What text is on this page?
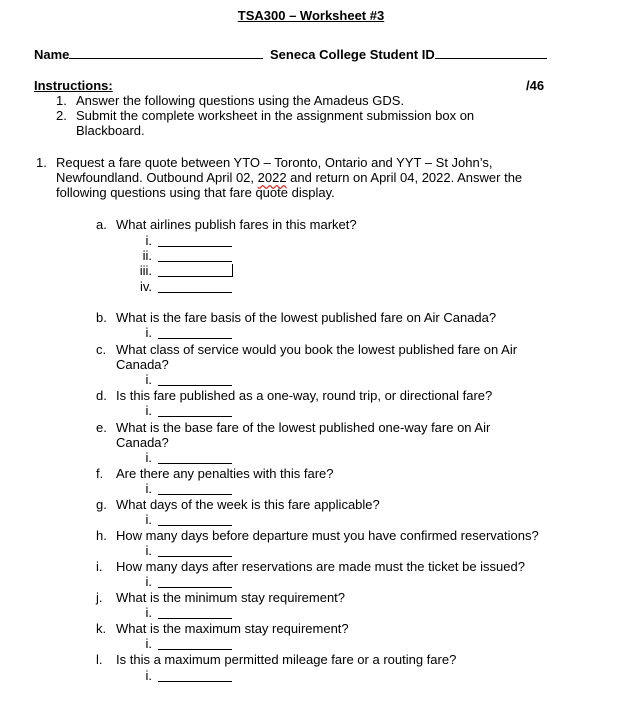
TSA300 – Worksheet #3
Name	Seneca College Student ID
Instructions:	/46
1. Answer the following questions using the Amadeus GDS.
2. Submit the complete worksheet in the assignment submission box on
Blackboard.
1. Request a fare quote between YTO – Toronto, Ontario and YYT – St John’s,
Newfoundland. Outbound April 02, 2022 and return on April 04, 2022. Answer the
following questions using that fare quote display.
a. What airlines publish fares in this market?
i.
ii.
iii.
iv.
b. What is the fare basis of the lowest published fare on Air Canada?
i.
c. What class of service would you book the lowest published fare on Air
Canada?
i.
d. Is this fare published as a one-way, round trip, or directional fare?
i.
e. What is the base fare of the lowest published one-way fare on Air
Canada?
i.
f. Are there any penalties with this fare?
i.
g. What days of the week is this fare applicable?
i.
h. How many days before departure must you have confirmed reservations?
i.
i. How many days after reservations are made must the ticket be issued?
i.
j. What is the minimum stay requirement?
i.
k. What is the maximum stay requirement?
i.
l. Is this a maximum permitted mileage fare or a routing fare?
i.
